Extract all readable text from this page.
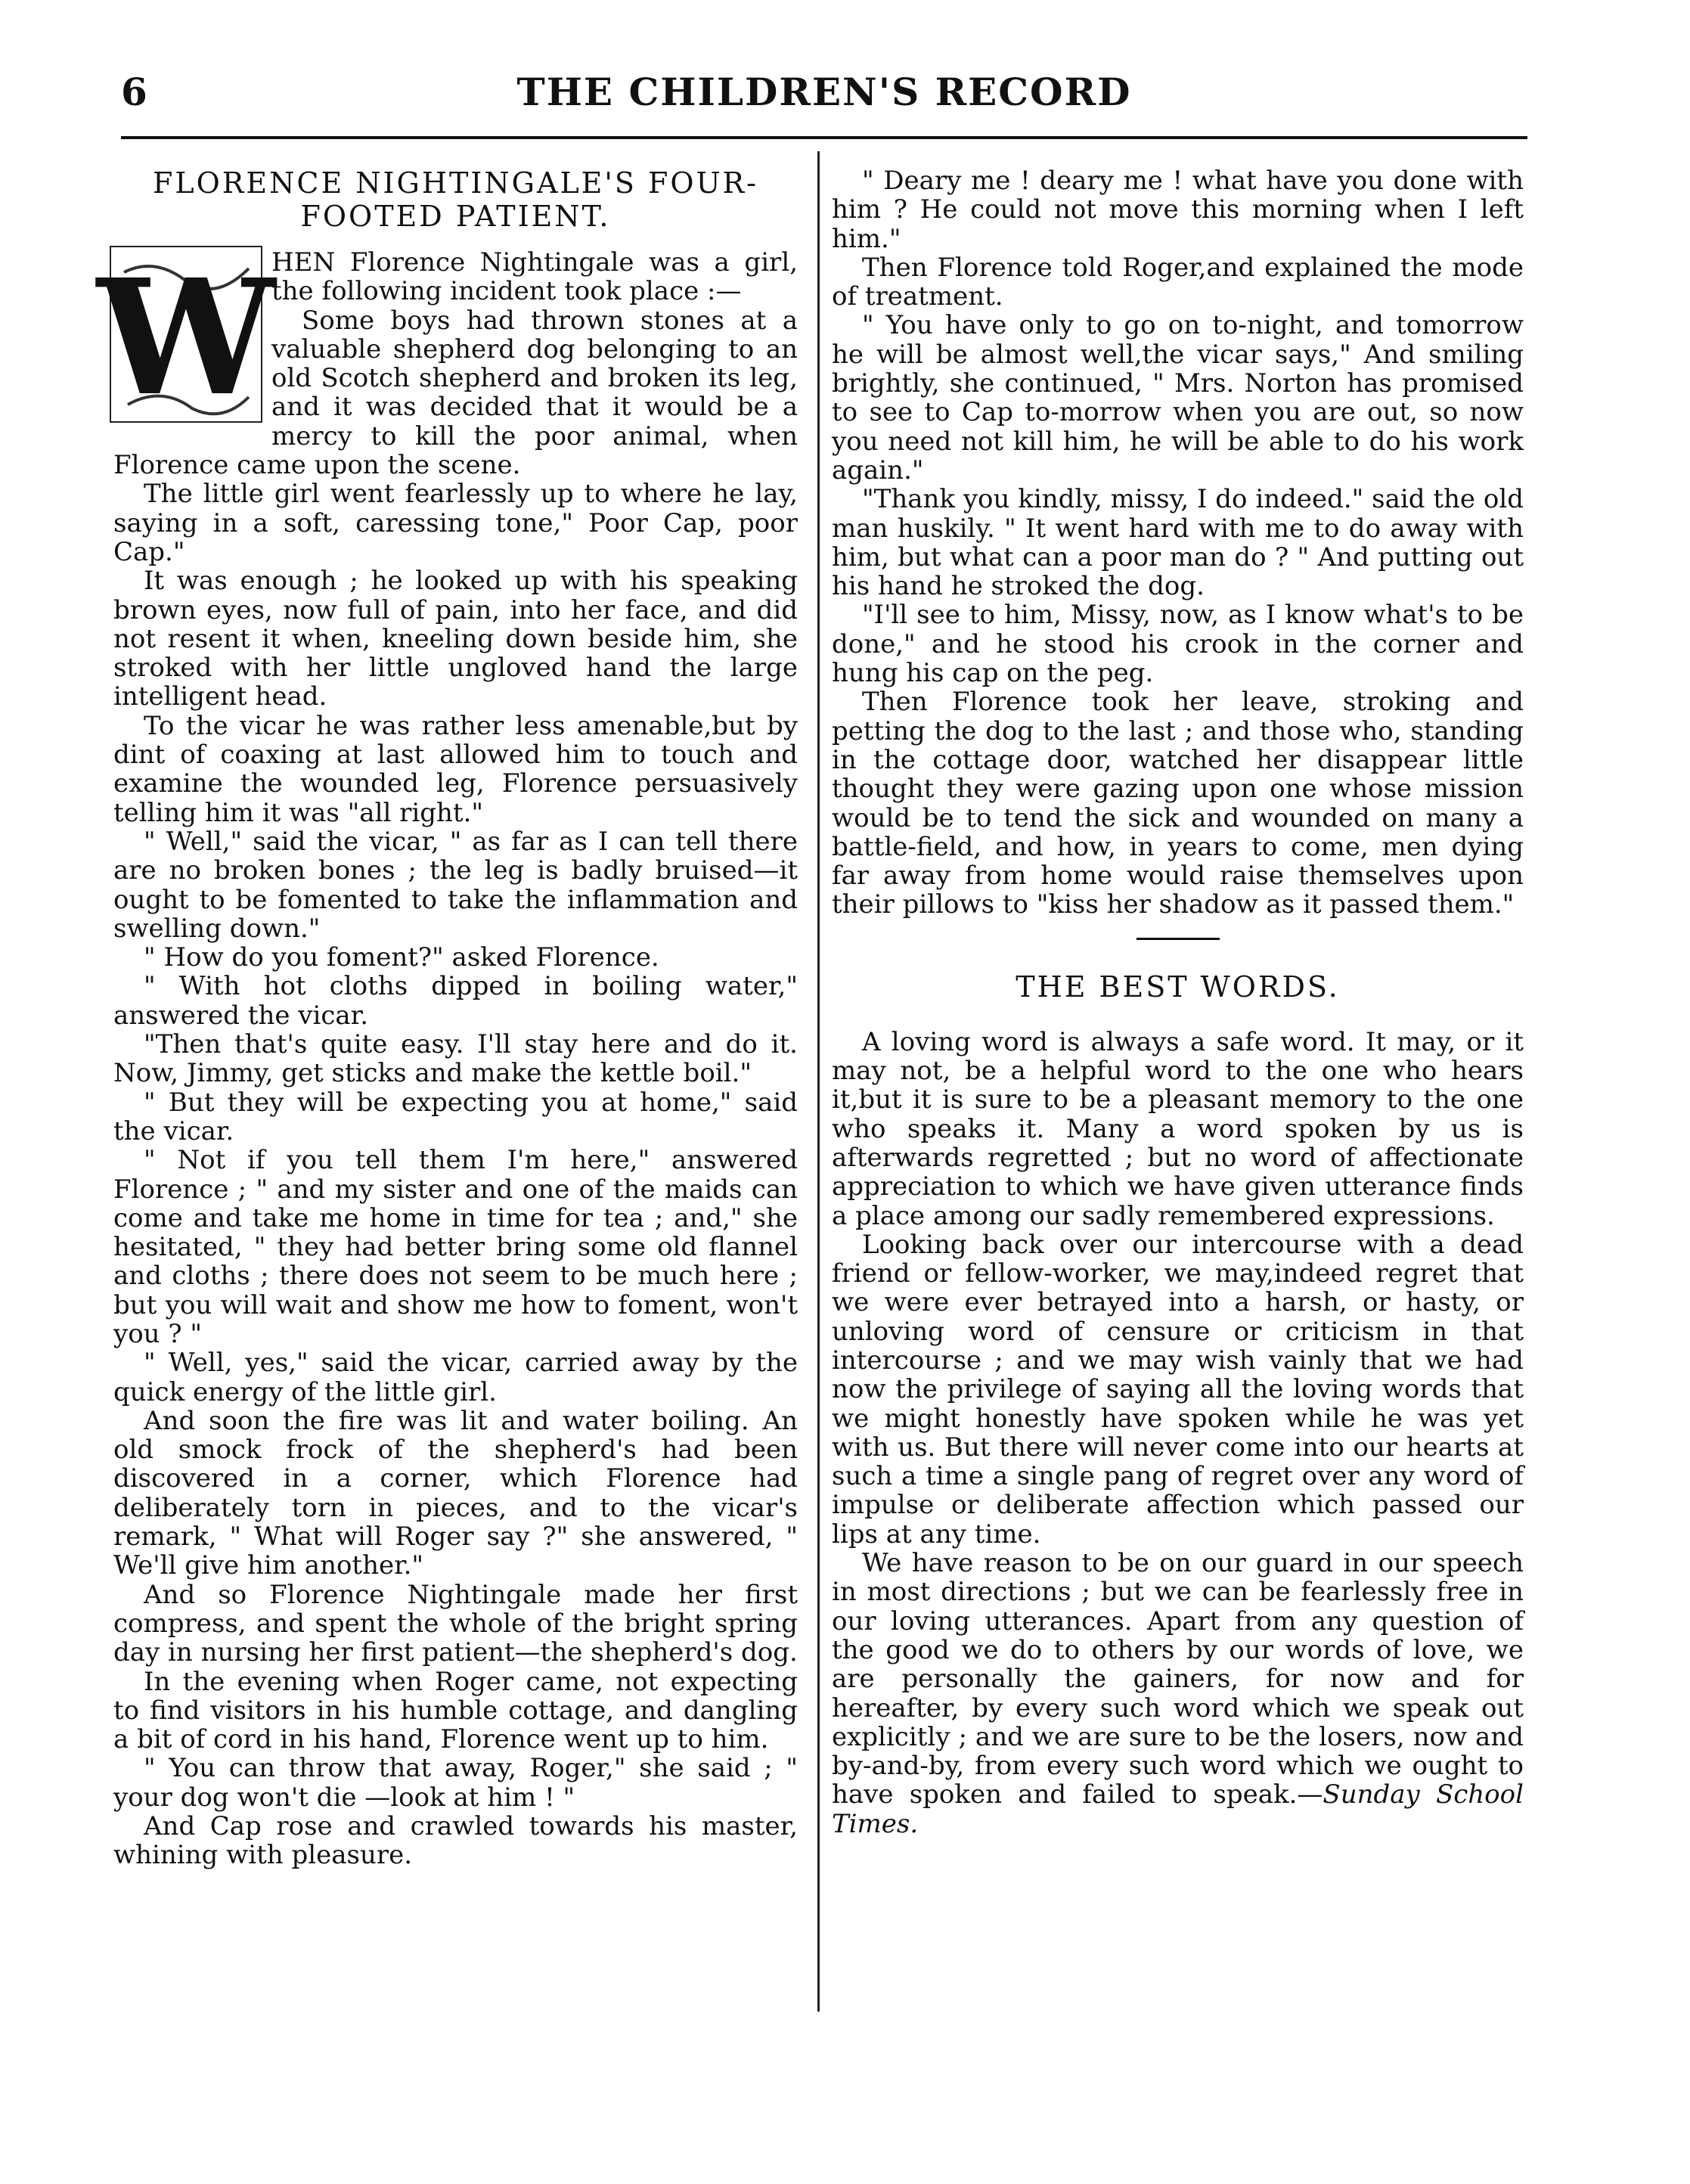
6	THE CHILDREN'S RECORD
FLORENCE NIGHTINGALE'S FOUR-FOOTED PATIENT.
W

HEN Florence Nightingale was a girl, the following incident took place :—

Some boys had thrown stones at a valuable shepherd dog belonging to an old Scotch shepherd and broken its leg, and it was decided that it would be a mercy to kill the poor animal, when Florence came upon the scene.

The little girl went fearlessly up to where he lay, saying in a soft, caressing tone," Poor Cap, poor Cap."

It was enough ; he looked up with his speaking brown eyes, now full of pain, into her face, and did not resent it when, kneeling down beside him, she stroked with her little ungloved hand the large intelligent head.

To the vicar he was rather less amenable,but by dint of coaxing at last allowed him to touch and examine the wounded leg, Florence persuasively telling him it was "all right."

" Well," said the vicar, " as far as I can tell there are no broken bones ; the leg is badly bruised—it ought to be fomented to take the inflammation and swelling down."

" How do you foment?" asked Florence.

" With hot cloths dipped in boiling water," answered the vicar.

"Then that's quite easy. I'll stay here and do it. Now, Jimmy, get sticks and make the kettle boil."

" But they will be expecting you at home," said the vicar.

" Not if you tell them I'm here," answered Florence ; " and my sister and one of the maids can come and take me home in time for tea ; and," she hesitated, " they had better bring some old flannel and cloths ; there does not seem to be much here ; but you will wait and show me how to foment, won't you ? "

" Well, yes," said the vicar, carried away by the quick energy of the little girl.

And soon the fire was lit and water boiling. An old smock frock of the shepherd's had been discovered in a corner, which Florence had deliberately torn in pieces, and to the vicar's remark, " What will Roger say ?" she answered, " We'll give him another."

And so Florence Nightingale made her first compress, and spent the whole of the bright spring day in nursing her first patient—the shepherd's dog.

In the evening when Roger came, not expecting to find visitors in his humble cottage, and dangling a bit of cord in his hand, Florence went up to him.

" You can throw that away, Roger," she said ; " your dog won't die —look at him ! "

And Cap rose and crawled towards his master, whining with pleasure.

" Deary me ! deary me ! what have you done with him ? He could not move this morning when I left him."

Then Florence told Roger,and explained the mode of treatment.

" You have only to go on to-night, and tomorrow he will be almost well,the vicar says," And smiling brightly, she continued, " Mrs. Norton has promised to see to Cap to-morrow when you are out, so now you need not kill him, he will be able to do his work again."

"Thank you kindly, missy, I do indeed." said the old man huskily. " It went hard with me to do away with him, but what can a poor man do ? " And putting out his hand he stroked the dog.

"I'll see to him, Missy, now, as I know what's to be done," and he stood his crook in the corner and hung his cap on the peg.

Then Florence took her leave, stroking and petting the dog to the last ; and those who, standing in the cottage door, watched her disappear little thought they were gazing upon one whose mission would be to tend the sick and wounded on many a battle-field, and how, in years to come, men dying far away from home would raise themselves upon their pillows to "kiss her shadow as it passed them."

THE BEST WORDS.

A loving word is always a safe word. It may, or it may not, be a helpful word to the one who hears it,but it is sure to be a pleasant memory to the one who speaks it. Many a word spoken by us is afterwards regretted ; but no word of affectionate appreciation to which we have given utterance finds a place among our sadly remembered expressions.

Looking back over our intercourse with a dead friend or fellow-worker, we may,indeed regret that we were ever betrayed into a harsh, or hasty, or unloving word of censure or criticism in that intercourse ; and we may wish vainly that we had now the privilege of saying all the loving words that we might honestly have spoken while he was yet with us. But there will never come into our hearts at such a time a single pang of regret over any word of impulse or deliberate affection which passed our lips at any time.

We have reason to be on our guard in our speech in most directions ; but we can be fearlessly free in our loving utterances. Apart from any question of the good we do to others by our words of love, we are personally the gainers, for now and for hereafter, by every such word which we speak out explicitly ; and we are sure to be the losers, now and by-and-by, from every such word which we ought to have spoken and failed to speak.—Sunday School Times.
